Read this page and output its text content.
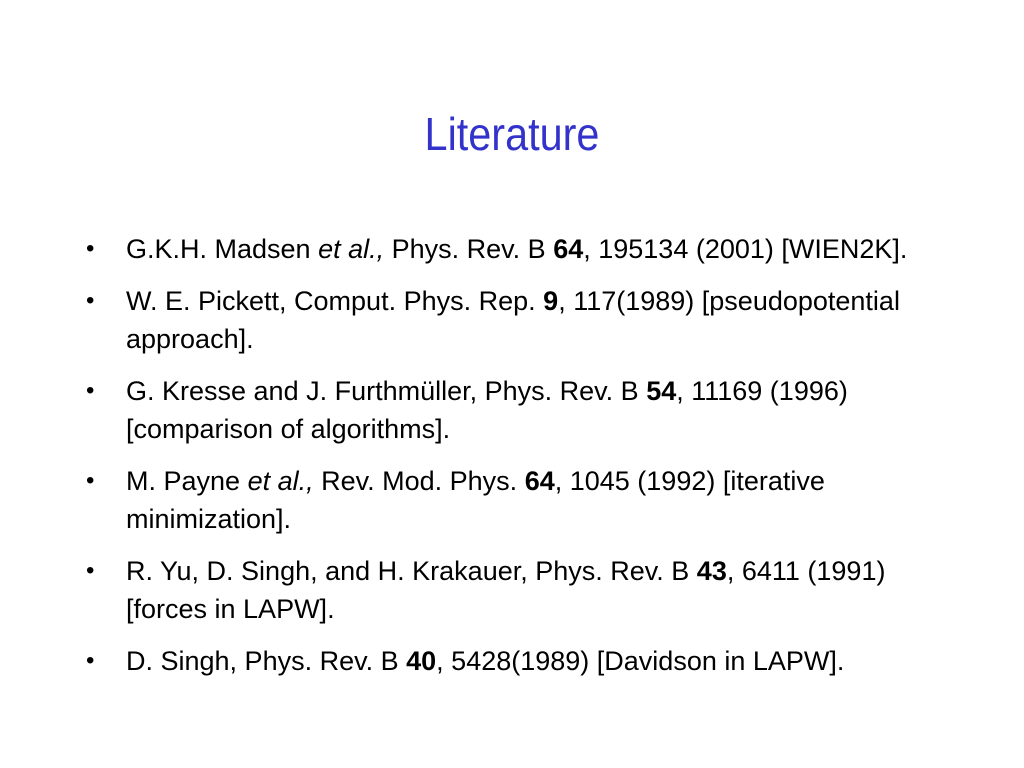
Literature
• G.K.H. Madsen et al., Phys. Rev. B 64, 195134 (2001) [WIEN2K].
• W. E. Pickett, Comput. Phys. Rep. 9, 117(1989) [pseudopotential approach].
• G. Kresse and J. Furthmüller, Phys. Rev. B 54, 11169 (1996) [comparison of algorithms].
• M. Payne et al., Rev. Mod. Phys. 64, 1045 (1992) [iterative minimization].
• R. Yu, D. Singh, and H. Krakauer, Phys. Rev. B 43, 6411 (1991) [forces in LAPW].
• D. Singh, Phys. Rev. B 40, 5428(1989) [Davidson in LAPW].
